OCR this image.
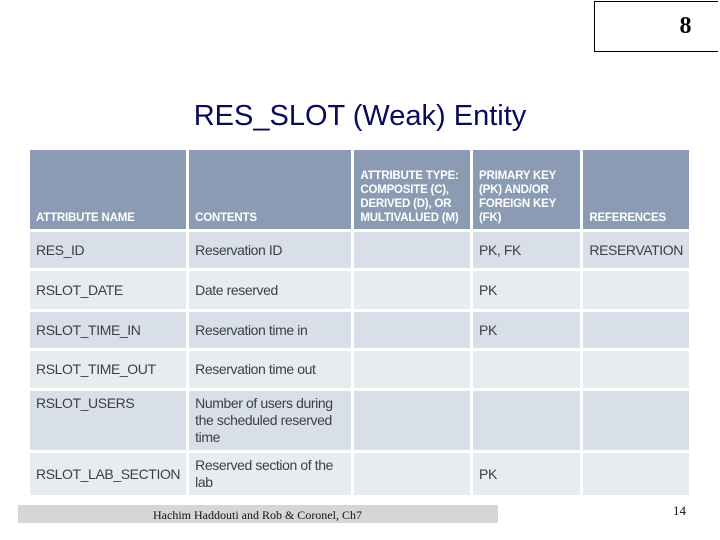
8
RES_SLOT (Weak) Entity
ATTRIBUTE NAME	CONTENTS	ATTRIBUTE TYPE: COMPOSITE (C), DERIVED (D), OR MULTIVALUED (M)	PRIMARY KEY (PK) AND/OR FOREIGN KEY (FK)	REFERENCES
RES_ID	Reservation ID		PK, FK	RESERVATION
RSLOT_DATE	Date reserved		PK	
RSLOT_TIME_IN	Reservation time in		PK	
RSLOT_TIME_OUT	Reservation time out			
RSLOT_USERS	Number of users during the scheduled reserved time			
RSLOT_LAB_SECTION	Reserved section of the lab		PK	
Hachim Haddouti and Rob & Coronel, Ch7	14
